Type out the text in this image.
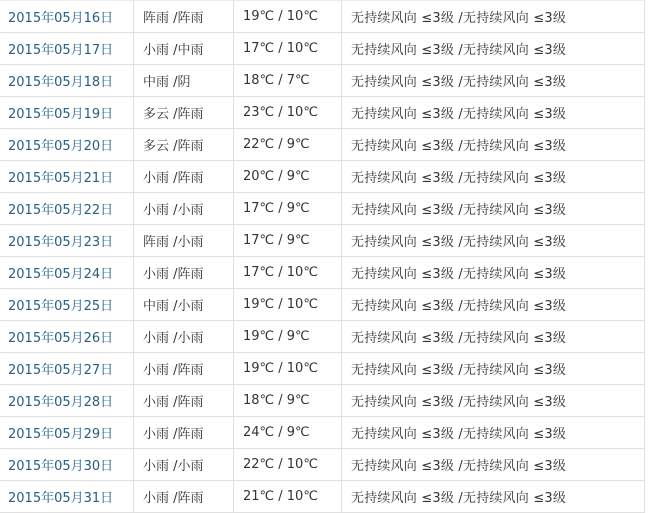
2015年05月16日	阵雨 /阵雨	19℃ / 10℃	无持续风向 ≤3级 /无持续风向 ≤3级
2015年05月17日	小雨 /中雨	17℃ / 10℃	无持续风向 ≤3级 /无持续风向 ≤3级
2015年05月18日	中雨 /阴	18℃ / 7℃	无持续风向 ≤3级 /无持续风向 ≤3级
2015年05月19日	多云 /阵雨	23℃ / 10℃	无持续风向 ≤3级 /无持续风向 ≤3级
2015年05月20日	多云 /阵雨	22℃ / 9℃	无持续风向 ≤3级 /无持续风向 ≤3级
2015年05月21日	小雨 /阵雨	20℃ / 9℃	无持续风向 ≤3级 /无持续风向 ≤3级
2015年05月22日	小雨 /小雨	17℃ / 9℃	无持续风向 ≤3级 /无持续风向 ≤3级
2015年05月23日	阵雨 /小雨	17℃ / 9℃	无持续风向 ≤3级 /无持续风向 ≤3级
2015年05月24日	小雨 /阵雨	17℃ / 10℃	无持续风向 ≤3级 /无持续风向 ≤3级
2015年05月25日	中雨 /小雨	19℃ / 10℃	无持续风向 ≤3级 /无持续风向 ≤3级
2015年05月26日	小雨 /小雨	19℃ / 9℃	无持续风向 ≤3级 /无持续风向 ≤3级
2015年05月27日	小雨 /阵雨	19℃ / 10℃	无持续风向 ≤3级 /无持续风向 ≤3级
2015年05月28日	小雨 /阵雨	18℃ / 9℃	无持续风向 ≤3级 /无持续风向 ≤3级
2015年05月29日	小雨 /阵雨	24℃ / 9℃	无持续风向 ≤3级 /无持续风向 ≤3级
2015年05月30日	小雨 /小雨	22℃ / 10℃	无持续风向 ≤3级 /无持续风向 ≤3级
2015年05月31日	小雨 /阵雨	21℃ / 10℃	无持续风向 ≤3级 /无持续风向 ≤3级
